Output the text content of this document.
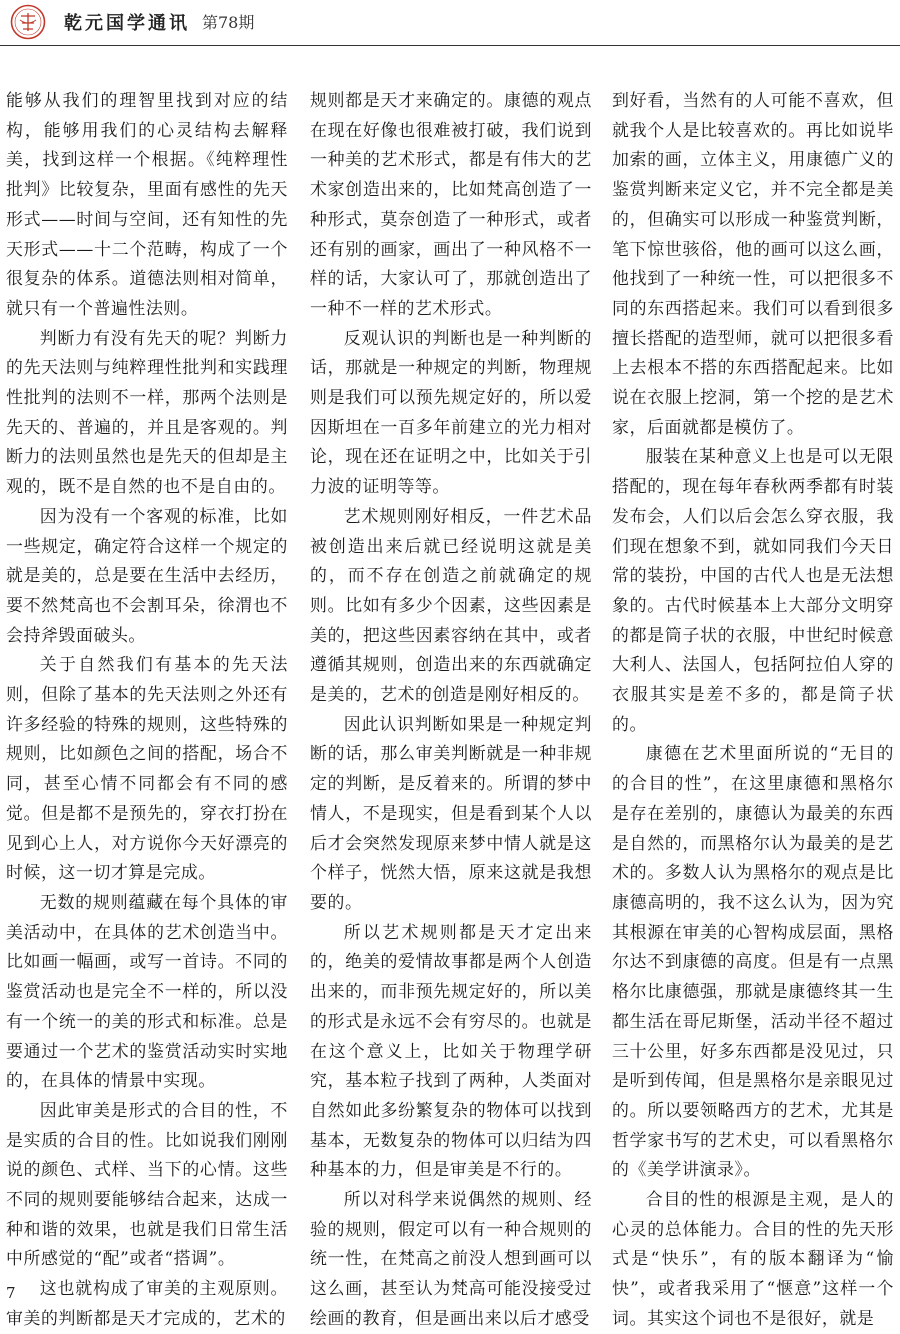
乾元国学通讯 第78期

能够从我们的理智里找到对应的结构，能够用我们的心灵结构去解释美，找到这样一个根据。《纯粹理性批判》比较复杂，里面有感性的先天形式——时间与空间，还有知性的先天形式——十二个范畴，构成了一个很复杂的体系。道德法则相对简单，就只有一个普遍性法则。

判断力有没有先天的呢？判断力的先天法则与纯粹理性批判和实践理性批判的法则不一样，那两个法则是先天的、普遍的，并且是客观的。判断力的法则虽然也是先天的但却是主观的，既不是自然的也不是自由的。

因为没有一个客观的标准，比如一些规定，确定符合这样一个规定的就是美的，总是要在生活中去经历，要不然梵高也不会割耳朵，徐渭也不会持斧毁面破头。

关于自然我们有基本的先天法则，但除了基本的先天法则之外还有许多经验的特殊的规则，这些特殊的规则，比如颜色之间的搭配，场合不同，甚至心情不同都会有不同的感觉。但是都不是预先的，穿衣打扮在见到心上人，对方说你今天好漂亮的时候，这一切才算是完成。

无数的规则蕴藏在每个具体的审美活动中，在具体的艺术创造当中。比如画一幅画，或写一首诗。不同的鉴赏活动也是完全不一样的，所以没有一个统一的美的形式和标准。总是要通过一个艺术的鉴赏活动实时实地的，在具体的情景中实现。

因此审美是形式的合目的性，不是实质的合目的性。比如说我们刚刚说的颜色、式样、当下的心情。这些不同的规则要能够结合起来，达成一种和谐的效果，也就是我们日常生活中所感觉的“配”或者“搭调”。

这也就构成了审美的主观原则。审美的判断都是天才完成的，艺术的

规则都是天才来确定的。康德的观点在现在好像也很难被打破，我们说到一种美的艺术形式，都是有伟大的艺术家创造出来的，比如梵高创造了一种形式，莫奈创造了一种形式，或者还有别的画家，画出了一种风格不一样的话，大家认可了，那就创造出了一种不一样的艺术形式。

反观认识的判断也是一种判断的话，那就是一种规定的判断，物理规则是我们可以预先规定好的，所以爱因斯坦在一百多年前建立的光力相对论，现在还在证明之中，比如关于引力波的证明等等。

艺术规则刚好相反，一件艺术品被创造出来后就已经说明这就是美的，而不存在创造之前就确定的规则。比如有多少个因素，这些因素是美的，把这些因素容纳在其中，或者遵循其规则，创造出来的东西就确定是美的，艺术的创造是刚好相反的。

因此认识判断如果是一种规定判断的话，那么审美判断就是一种非规定的判断，是反着来的。所谓的梦中情人，不是现实，但是看到某个人以后才会突然发现原来梦中情人就是这个样子，恍然大悟，原来这就是我想要的。

所以艺术规则都是天才定出来的，绝美的爱情故事都是两个人创造出来的，而非预先规定好的，所以美的形式是永远不会有穷尽的。也就是在这个意义上，比如关于物理学研究，基本粒子找到了两种，人类面对自然如此多纷繁复杂的物体可以找到基本，无数复杂的物体可以归结为四种基本的力，但是审美是不行的。

所以对科学来说偶然的规则、经验的规则，假定可以有一种合规则的统一性，在梵高之前没人想到画可以这么画，甚至认为梵高可能没接受过绘画的教育，但是画出来以后才感受

到好看，当然有的人可能不喜欢，但就我个人是比较喜欢的。再比如说毕加索的画，立体主义，用康德广义的鉴赏判断来定义它，并不完全都是美的，但确实可以形成一种鉴赏判断，笔下惊世骇俗，他的画可以这么画，他找到了一种统一性，可以把很多不同的东西搭起来。我们可以看到很多擅长搭配的造型师，就可以把很多看上去根本不搭的东西搭配起来。比如说在衣服上挖洞，第一个挖的是艺术家，后面就都是模仿了。

服装在某种意义上也是可以无限搭配的，现在每年春秋两季都有时装发布会，人们以后会怎么穿衣服，我们现在想象不到，就如同我们今天日常的装扮，中国的古代人也是无法想象的。古代时候基本上大部分文明穿的都是筒子状的衣服，中世纪时候意大利人、法国人，包括阿拉伯人穿的衣服其实是差不多的，都是筒子状的。

康德在艺术里面所说的“无目的的合目的性”，在这里康德和黑格尔是存在差别的，康德认为最美的东西是自然的，而黑格尔认为最美的是艺术的。多数人认为黑格尔的观点是比康德高明的，我不这么认为，因为究其根源在审美的心智构成层面，黑格尔达不到康德的高度。但是有一点黑格尔比康德强，那就是康德终其一生都生活在哥尼斯堡，活动半径不超过三十公里，好多东西都是没见过，只是听到传闻，但是黑格尔是亲眼见过的。所以要领略西方的艺术，尤其是哲学家书写的艺术史，可以看黑格尔的《美学讲演录》。

合目的性的根源是主观，是人的心灵的总体能力。合目的性的先天形式是“快乐”，有的版本翻译为“愉快”，或者我采用了“惬意”这样一个词。其实这个词也不是很好，就是

7
